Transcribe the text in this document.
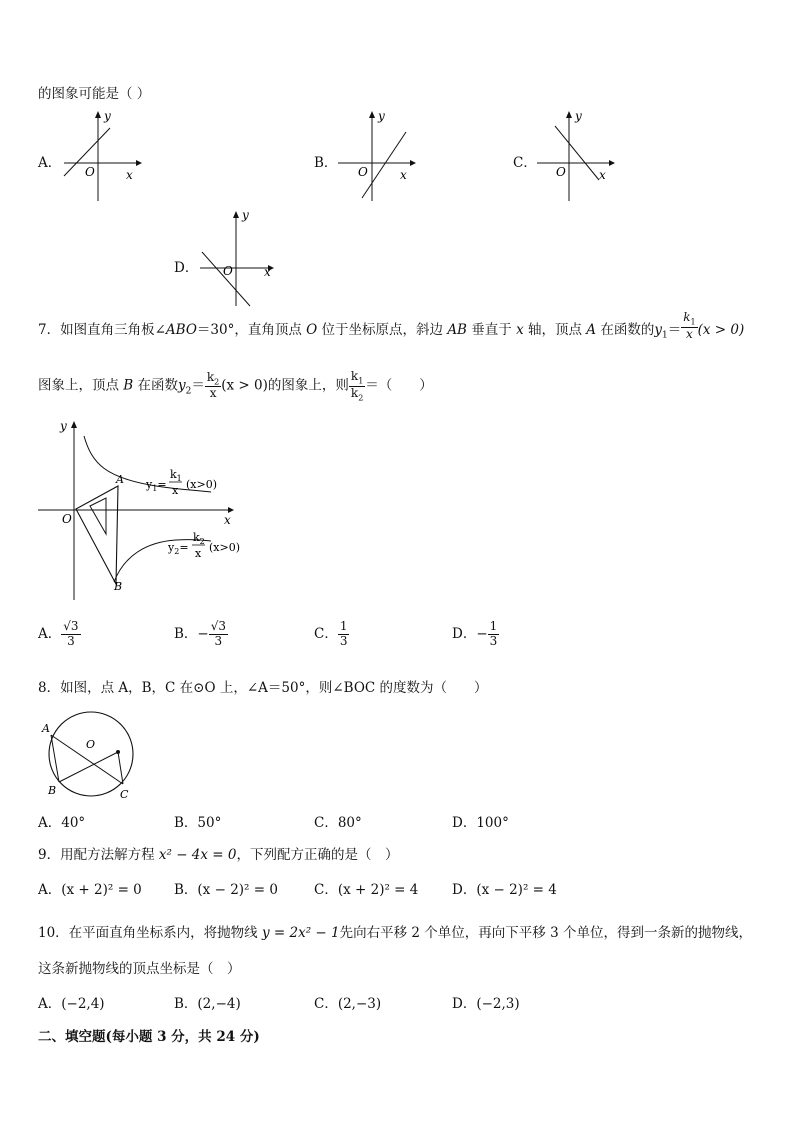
的图象可能是（ ）
A．
y
x
O
B．
y
x
O
C．
y
x
O
D．
y
x
O
7．如图直角三角板∠ABO＝30°，直角顶点 O 位于坐标原点，斜边 AB 垂直于 x 轴，顶点 A 在函数的$y_1= \frac{k_1}{x} (x > 0)$
图象上，顶点 B 在函数$y_2= \frac{k_2}{x} (x > 0)$的图象上，则 $\frac{k_1}{k_2}$ ＝（　　）
y
x
O
A
B
$y_1=$
$k_1$
x (x>0)
$y_2=$
$k_2$
x (x>0)
A． $\frac{√3}{3}$	B．− $\frac{√3}{3}$	C． $\frac{1}{3}$	D．− $\frac{1}{3}$
8．如图，点 A，B，C 在⊙O 上，∠A＝50°，则∠BOC 的度数为（　　）
A
B	C
O
A．40°	B．50°	C．80°	D．100°
9．用配方法解方程 x² − 4x = 0，下列配方正确的是（　）
A．(x + 2)² = 0 B．(x − 2)² = 0	C．(x + 2)² = 4 D．(x − 2)² = 4
10．在平面直角坐标系内，将抛物线 y = 2x² − 1先向右平移 2 个单位，再向下平移 3 个单位，得到一条新的抛物线，
这条新抛物线的顶点坐标是（　）
A．(−2,4)	B．(2,−4)	C．(2,−3)	D．(−2,3)
二、填空题(每小题 3 分，共 24 分)
